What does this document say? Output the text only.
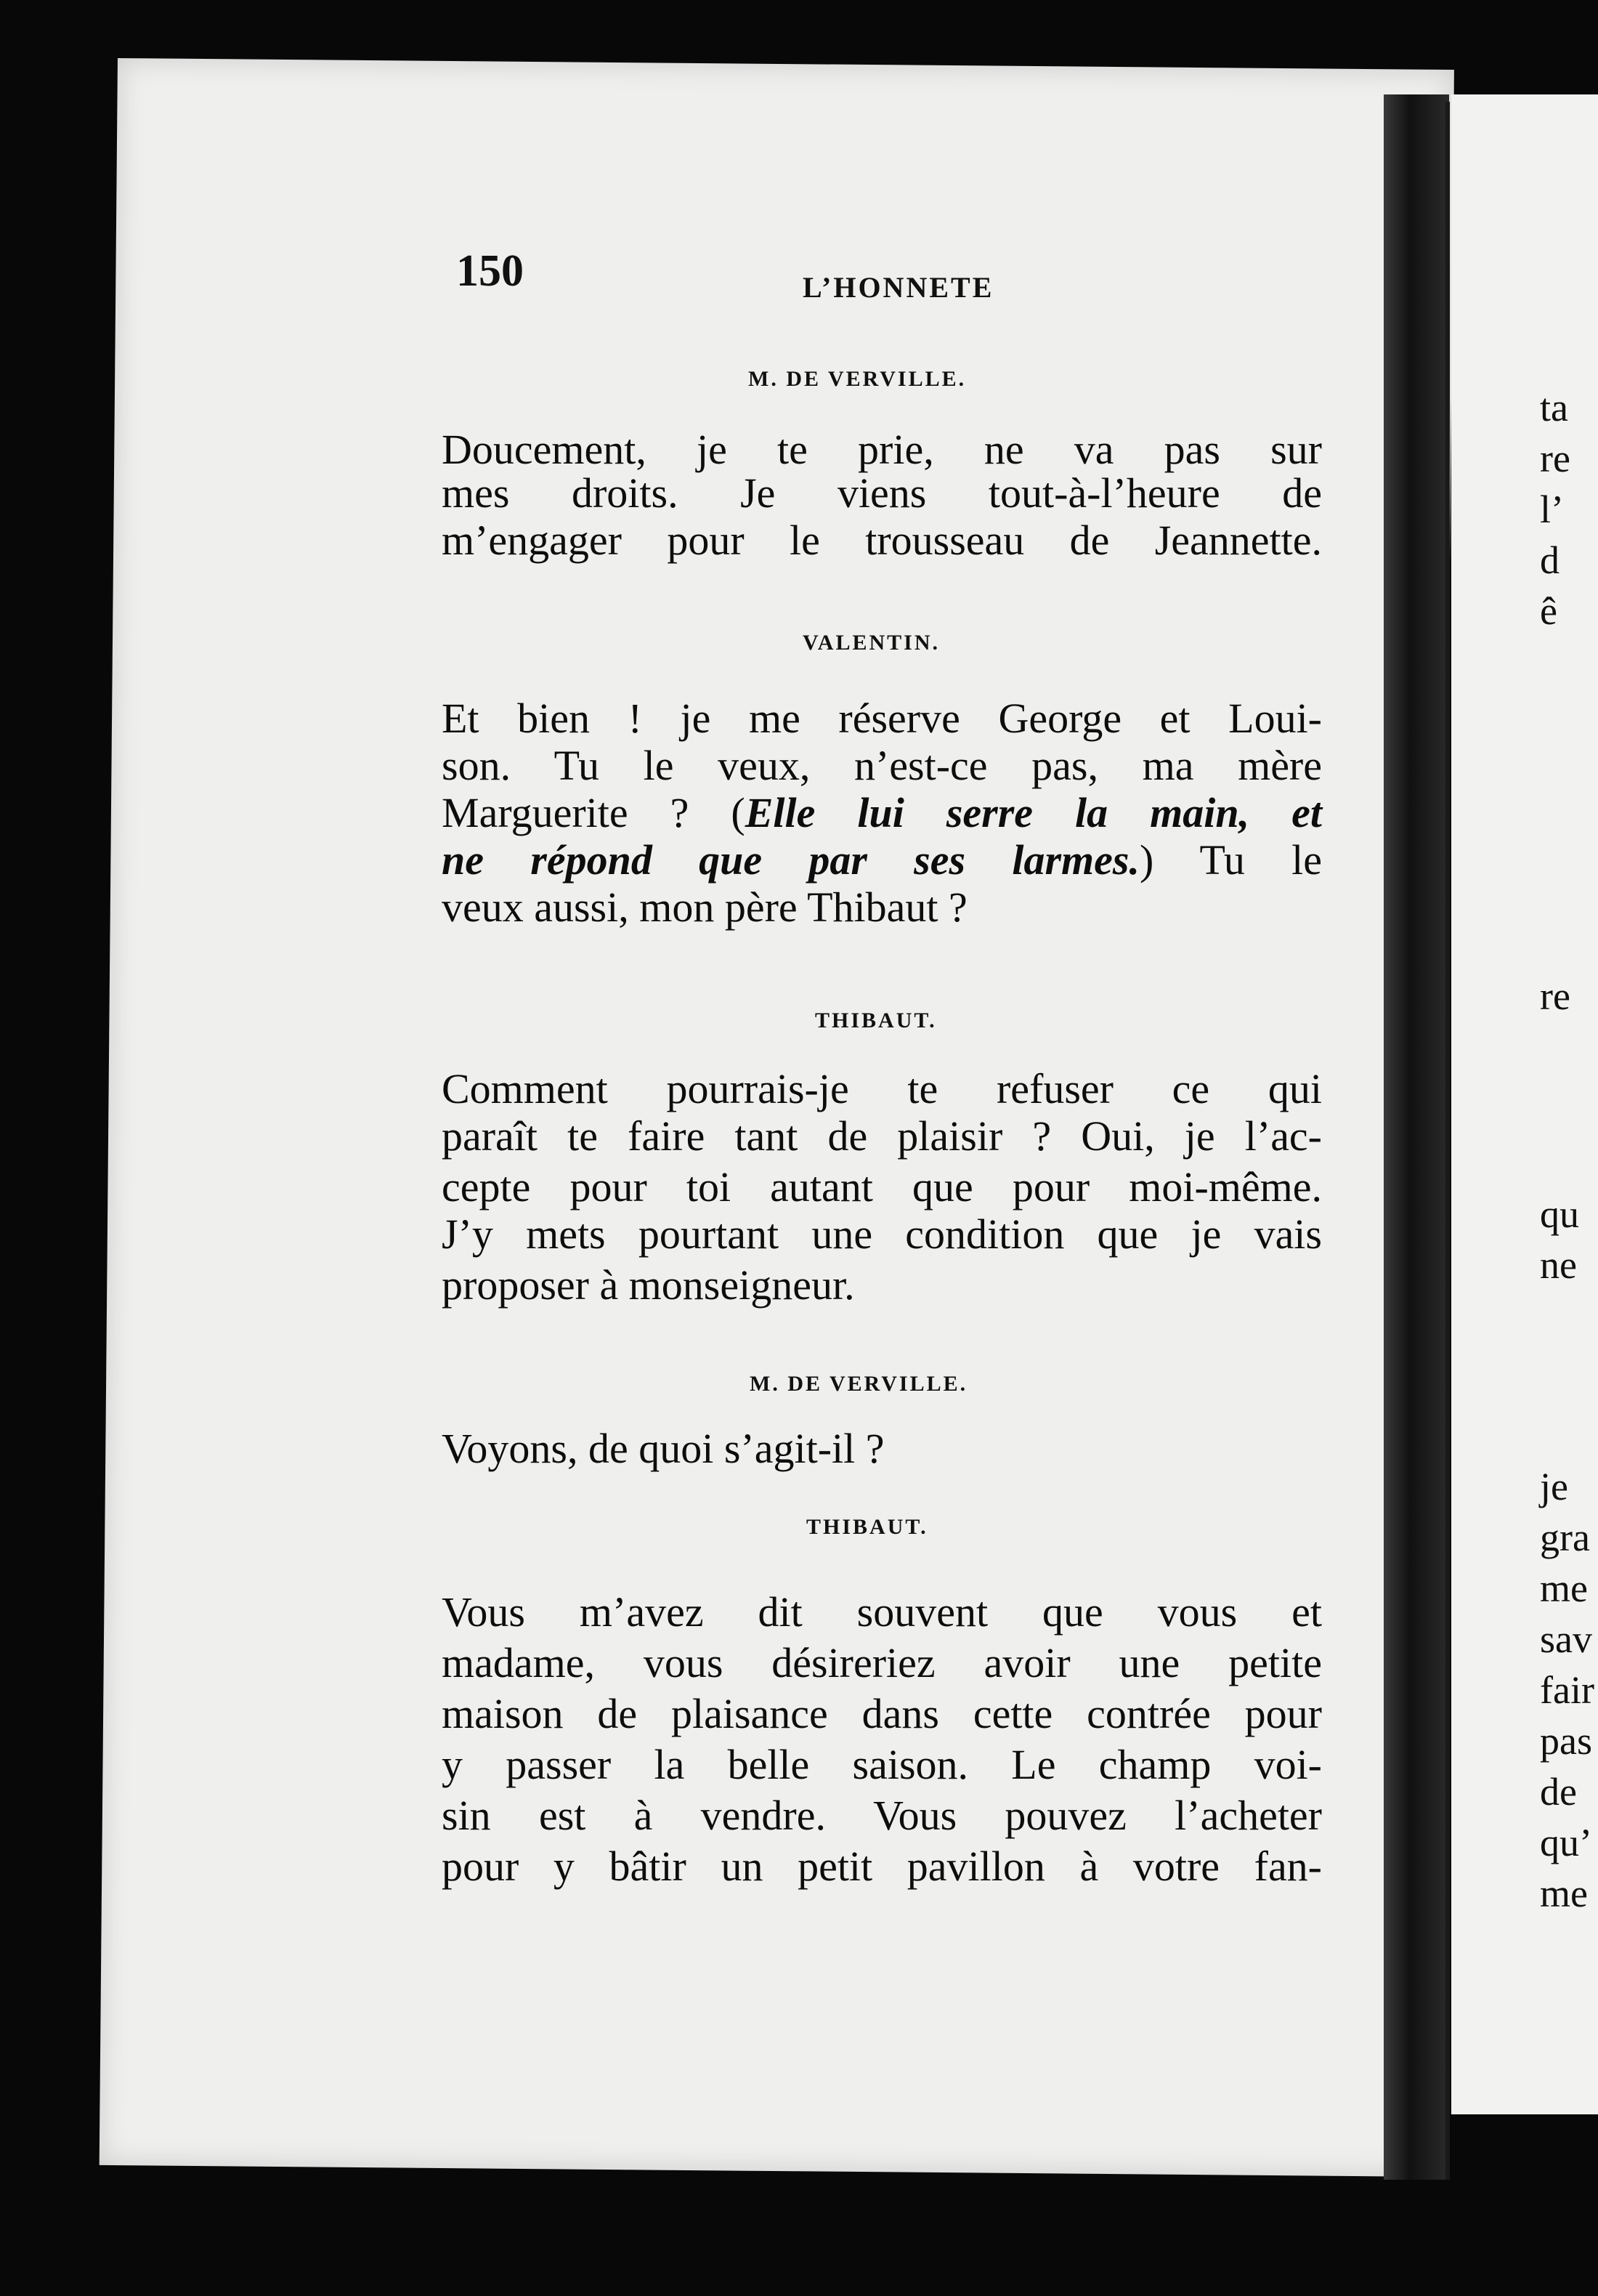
150	L’HONNETE
M. DE VERVILLE.
Doucement, je te prie, ne va pas sur
mes droits. Je viens tout-à-l’heure de
m’engager pour le trousseau de Jeannette.
VALENTIN.
Et bien ! je me réserve George et Loui-
son. Tu le veux, n’est-ce pas, ma mère
Marguerite ? (Elle lui serre la main, et
ne répond que par ses larmes.) Tu le
veux aussi, mon père Thibaut ?
THIBAUT.
Comment pourrais-je te refuser ce qui
paraît te faire tant de plaisir ? Oui, je l’ac-
cepte pour toi autant que pour moi-même.
J’y mets pourtant une condition que je vais
proposer à monseigneur.
M. DE VERVILLE.
Voyons, de quoi s’agit-il ?
THIBAUT.
Vous m’avez dit souvent que vous et
madame, vous désireriez avoir une petite
maison de plaisance dans cette contrée pour
y passer la belle saison. Le champ voi-
sin est à vendre. Vous pouvez l’acheter
pour y bâtir un petit pavillon à votre fan-
ta
re
l’
d
ê
re
qu
ne
je
gra
me
sav
fair
pas
de
qu’
me
